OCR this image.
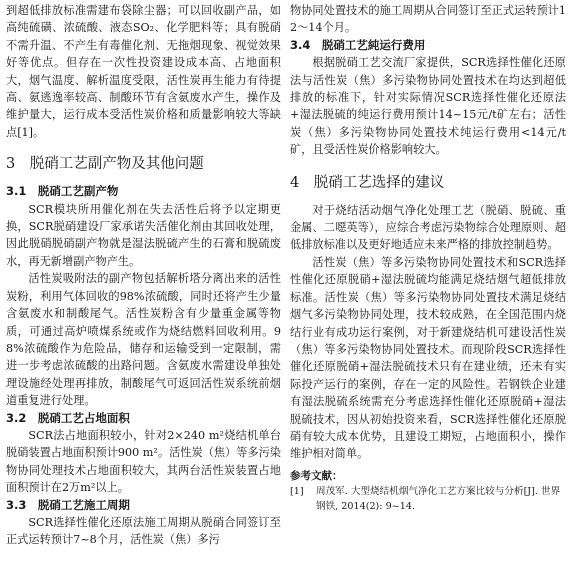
到超低排放标准需建布袋除尘器；可以回收副产品，如高纯硫磺、浓硫酸、液态SO₂、化学肥料等；具有脱硝不需升温、不产生有毒催化剂、无拖烟现象、视觉效果好等优点。但存在一次性投资建设成本高、占地面积大，烟气温度、解析温度受限，活性炭再生能力有待提高、氨逃逸率较高、制酸环节有含氨废水产生，操作及维护量大，运行成本受活性炭价格和质量影响较大等缺点[1]。

3　脱硝工艺副产物及其他问题
3.1　脱硝工艺副产物

SCR模块所用催化剂在失去活性后将予以定期更换，SCR脱硝建设厂家承诺失活催化剂由其回收处理，因此脱硝脱硝副产物就是湿法脱硫产生的石膏和脱硫废水，再无新增副产物产生。

活性炭吸附法的副产物包括解析塔分离出来的活性炭粉，利用气体回收的98%浓硫酸，同时还将产生少量含氨废水和制酸尾气。活性炭粉含有少量重金属等物质，可通过高炉喷煤系统或作为烧结燃料回收利用。98%浓硫酸作为危险品，储存和运输受到一定限制，需进一步考虑浓硫酸的出路问题。含氨废水需建设单独处理设施经处理再排放，制酸尾气可返回活性炭系统前烟道重复进行处理。

3.2　脱硝工艺占地面积

SCR法占地面积较小，针对2×240 m²烧结机单台脱硝装置占地面积预计900 m²。活性炭（焦）等多污染物协同处理技术占地面积较大，其两台活性炭装置占地面积预计在2万m²以上。

3.3　脱硝工艺施工周期

SCR选择性催化还原法施工周期从脱硝合同签订至正式运转预计7~8个月，活性炭（焦）多污

物协同处置技术的施工周期从合同签订至正式运转预计12～14个月。

3.4　脱硝工艺純运行费用

根据脱硝工艺交流厂家提供，SCR选择性催化还原法与活性炭（焦）多污染物协同处置技术在均达到超低排放的标准下，针对实际情况SCR选择性催化还原法+湿法脱硫的纯运行费用预计14~15元/t矿左右；活性炭（焦）多污染物协同处置技术纯运行费用<14元/t矿，且受活性炭价格影响较大。

4　脱硝工艺选择的建议

对于烧结活动烟气净化处理工艺（脱硝、脱硫、重金属、二噁英等），应综合考虑污染物综合处理原则、超低排放标准以及更好地适应未来严格的排放控制趋势。

活性炭（焦）等多污染物协同处置技术和SCR选择性催化还原脱硝+湿法脱硫均能满足烧结烟气超低排放标准。活性炭（焦）等多污染物协同处置技术满足烧结烟气多污染物协同处理，技术较成熟，在全国范围内烧结行业有成功运行案例，对于新建烧结机可建设活性炭（焦）等多污染物协同处置技术。而现阶段SCR选择性催化还原脱硝+湿法脱硫技术只有在建业绩，还未有实际投产运行的案例，存在一定的风险性。若钢铁企业建有湿法脱硫系统需充分考虑选择性催化还原脱硝+湿法脱硫技术，因从初始投资来看，SCR选择性催化还原脱硝有较大成本优势，且建设工期短，占地面积小，操作维护相对简单。

参考文献：
[1]	周茂军. 大型烧结机烟气净化工艺方案比较与分析[J]. 世界钢铁, 2014(2): 9~14.
